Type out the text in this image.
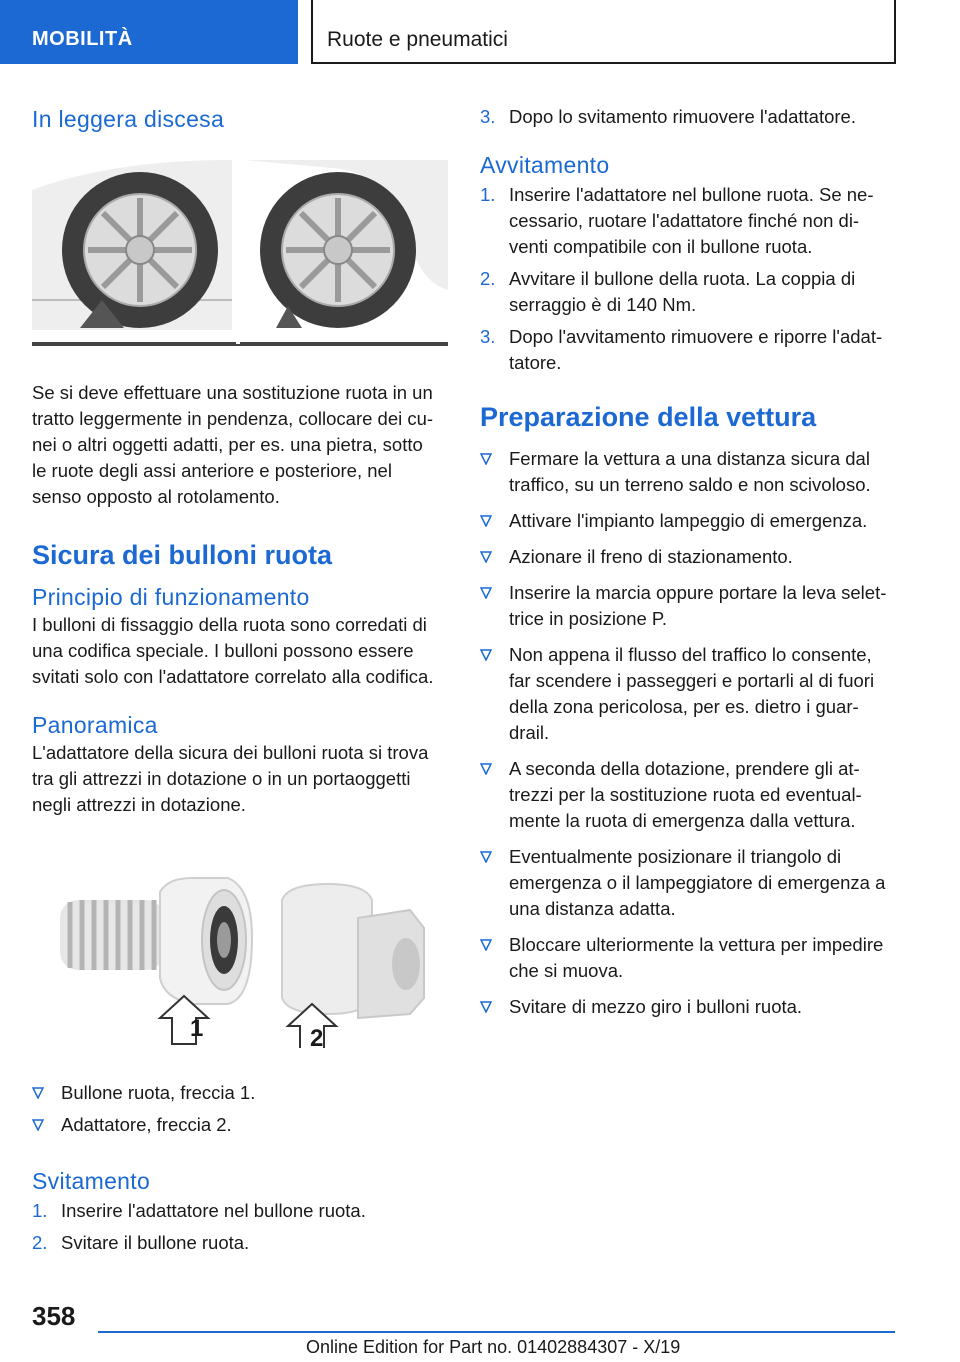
MOBILITÀ	Ruote e pneumatici
In leggera discesa

Se si deve effettuare una sostituzione ruota in un

tratto leggermente in pendenza, collocare dei cu‐

nei o altri oggetti adatti, per es. una pietra, sotto

le ruote degli assi anteriore e posteriore, nel

senso opposto al rotolamento.

Sicura dei bulloni ruota
Principio di funzionamento

I bulloni di fissaggio della ruota sono corredati di

una codifica speciale. I bulloni possono essere

svitati solo con l'adattatore correlato alla codifica.

Panoramica

L'adattatore della sicura dei bulloni ruota si trova

tra gli attrezzi in dotazione o in un portaoggetti

negli attrezzi in dotazione.

1	2
Bullone ruota, freccia 1.
Adattatore, freccia 2.
Svitamento
1. Inserire l'adattatore nel bullone ruota.
2. Svitare il bullone ruota.
3. Dopo lo svitamento rimuovere l'adattatore.
Avvitamento
1. Inserire l'adattatore nel bullone ruota. Se ne‐
cessario, ruotare l'adattatore finché non di‐
venti compatibile con il bullone ruota.
2. Avvitare il bullone della ruota. La coppia di
serraggio è di 140 Nm.
3. Dopo l'avvitamento rimuovere e riporre l'adat‐
tatore.
Preparazione della vettura
Fermare la vettura a una distanza sicura dal
traffico, su un terreno saldo e non scivoloso.
Attivare l'impianto lampeggio di emergenza.
Azionare il freno di stazionamento.
Inserire la marcia oppure portare la leva selet‐
trice in posizione P.
Non appena il flusso del traffico lo consente,
far scendere i passeggeri e portarli al di fuori
della zona pericolosa, per es. dietro i guar‐
drail.
A seconda della dotazione, prendere gli at‐
trezzi per la sostituzione ruota ed eventual‐
mente la ruota di emergenza dalla vettura.
Eventualmente posizionare il triangolo di
emergenza o il lampeggiatore di emergenza a
una distanza adatta.
Bloccare ulteriormente la vettura per impedire
che si muova.
Svitare di mezzo giro i bulloni ruota.
358
Online Edition for Part no. 01402884307 - X/19
